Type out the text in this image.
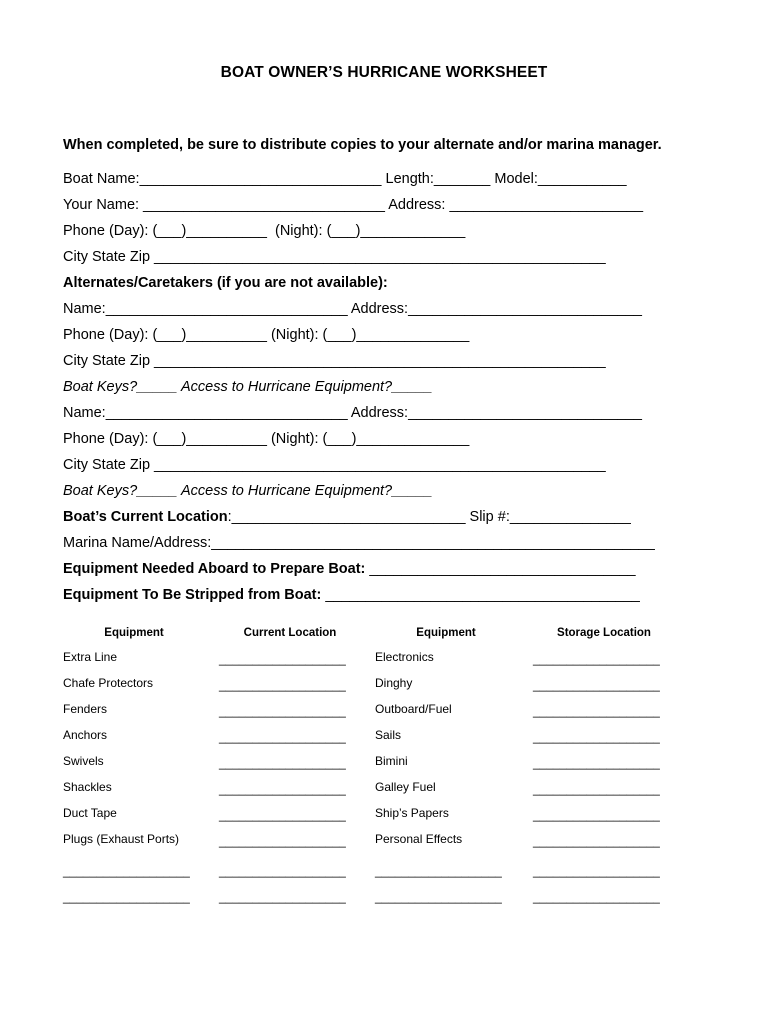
BOAT OWNER’S HURRICANE WORKSHEET
When completed, be sure to distribute copies to your alternate and/or marina manager.
Boat Name:______________________________ Length:_______ Model:___________
Your Name: ______________________________ Address: ________________________
Phone (Day): (___)__________  (Night): (___)_____________
City State Zip ________________________________________________________
Alternates/Caretakers (if you are not available):
Name:______________________________ Address:_____________________________
Phone (Day): (___)__________ (Night): (___)______________
City State Zip ________________________________________________________
Boat Keys?_____ Access to Hurricane Equipment?_____
Name:______________________________ Address:_____________________________
Phone (Day): (___)__________ (Night): (___)______________
City State Zip ________________________________________________________
Boat Keys?_____ Access to Hurricane Equipment?_____
Boat’s Current Location:_____________________________ Slip #:_______________
Marina Name/Address:_______________________________________________________
Equipment Needed Aboard to Prepare Boat: _________________________________
Equipment To Be Stripped from Boat: _______________________________________
Equipment	Current Location	Equipment	Storage Location
Extra Line	___________________ Electronics	___________________
Chafe Protectors	___________________ Dinghy	___________________
Fenders	___________________ Outboard/Fuel	___________________
Anchors	___________________ Sails	___________________
Swivels	___________________ Bimini	___________________
Shackles	___________________ Galley Fuel	___________________
Duct Tape	___________________ Ship’s Papers	___________________
Plugs (Exhaust Ports)	___________________ Personal Effects	___________________
___________________ ___________________ ___________________	___________________
___________________ ___________________ ___________________	___________________
